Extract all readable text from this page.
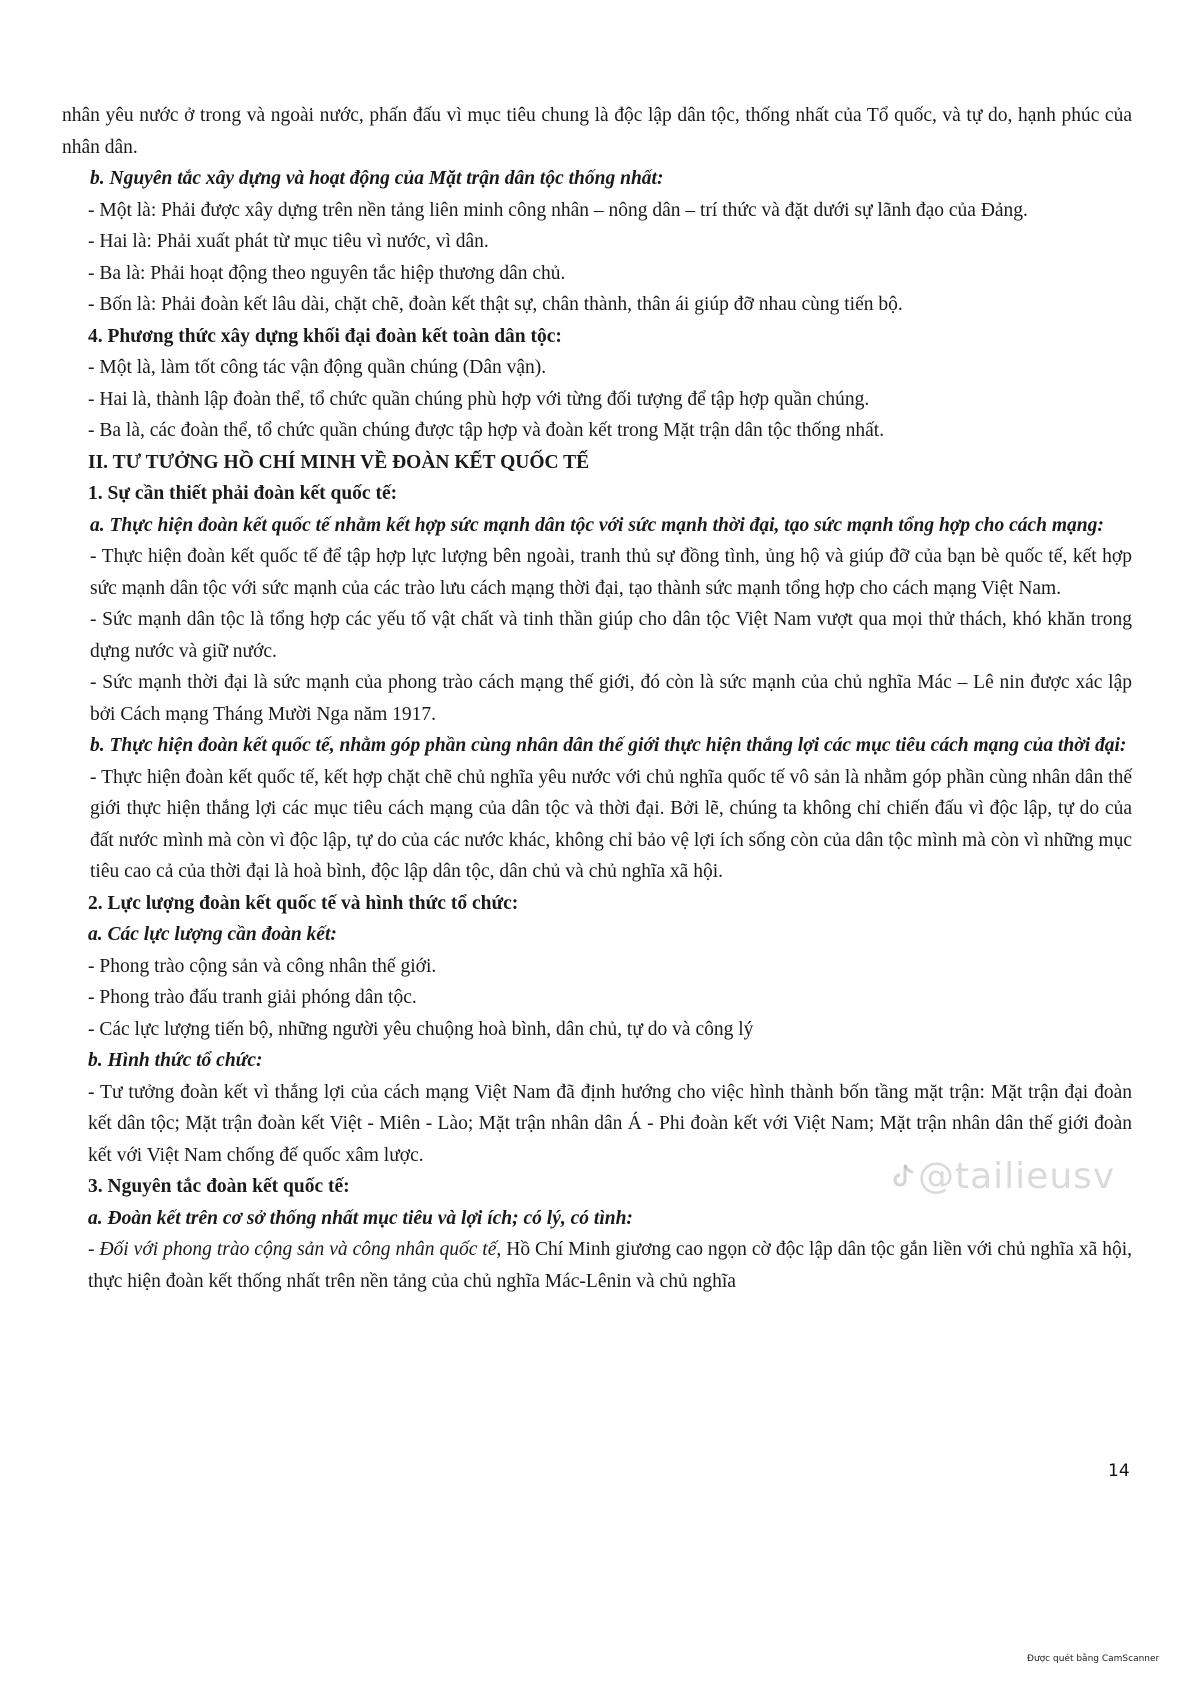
nhân yêu nước ở trong và ngoài nước, phấn đấu vì mục tiêu chung là độc lập dân tộc, thống nhất của Tổ quốc, và tự do, hạnh phúc của nhân dân.

b. Nguyên tắc xây dựng và hoạt động của Mặt trận dân tộc thống nhất:

- Một là: Phải được xây dựng trên nền tảng liên minh công nhân – nông dân – trí thức và đặt dưới sự lãnh đạo của Đảng.

- Hai là: Phải xuất phát từ mục tiêu vì nước, vì dân.

- Ba là: Phải hoạt động theo nguyên tắc hiệp thương dân chủ.

- Bốn là: Phải đoàn kết lâu dài, chặt chẽ, đoàn kết thật sự, chân thành, thân ái giúp đỡ nhau cùng tiến bộ.

4. Phương thức xây dựng khối đại đoàn kết toàn dân tộc:

- Một là, làm tốt công tác vận động quần chúng (Dân vận).

- Hai là, thành lập đoàn thể, tổ chức quần chúng phù hợp với từng đối tượng để tập hợp quần chúng.

- Ba là, các đoàn thể, tổ chức quần chúng được tập hợp và đoàn kết trong Mặt trận dân tộc thống nhất.

II. TƯ TƯỞNG HỒ CHÍ MINH VỀ ĐOÀN KẾT QUỐC TẾ

1. Sự cần thiết phải đoàn kết quốc tế:

a. Thực hiện đoàn kết quốc tế nhằm kết hợp sức mạnh dân tộc với sức mạnh thời đại, tạo sức mạnh tổng hợp cho cách mạng:

- Thực hiện đoàn kết quốc tế để tập hợp lực lượng bên ngoài, tranh thủ sự đồng tình, ủng hộ và giúp đỡ của bạn bè quốc tế, kết hợp sức mạnh dân tộc với sức mạnh của các trào lưu cách mạng thời đại, tạo thành sức mạnh tổng hợp cho cách mạng Việt Nam.

- Sức mạnh dân tộc là tổng hợp các yếu tố vật chất và tinh thần giúp cho dân tộc Việt Nam vượt qua mọi thử thách, khó khăn trong dựng nước và giữ nước.

- Sức mạnh thời đại là sức mạnh của phong trào cách mạng thế giới, đó còn là sức mạnh của chủ nghĩa Mác – Lê nin được xác lập bởi Cách mạng Tháng Mười Nga năm 1917.

b. Thực hiện đoàn kết quốc tế, nhằm góp phần cùng nhân dân thế giới thực hiện thắng lợi các mục tiêu cách mạng của thời đại:

- Thực hiện đoàn kết quốc tế, kết hợp chặt chẽ chủ nghĩa yêu nước với chủ nghĩa quốc tế vô sản là nhằm góp phần cùng nhân dân thế giới thực hiện thắng lợi các mục tiêu cách mạng của dân tộc và thời đại. Bởi lẽ, chúng ta không chỉ chiến đấu vì độc lập, tự do của đất nước mình mà còn vì độc lập, tự do của các nước khác, không chỉ bảo vệ lợi ích sống còn của dân tộc mình mà còn vì những mục tiêu cao cả của thời đại là hoà bình, độc lập dân tộc, dân chủ và chủ nghĩa xã hội.

2. Lực lượng đoàn kết quốc tế và hình thức tổ chức:

a. Các lực lượng cần đoàn kết:

- Phong trào cộng sản và công nhân thế giới.

- Phong trào đấu tranh giải phóng dân tộc.

- Các lực lượng tiến bộ, những người yêu chuộng hoà bình, dân chủ, tự do và công lý

b. Hình thức tổ chức:

- Tư tưởng đoàn kết vì thắng lợi của cách mạng Việt Nam đã định hướng cho việc hình thành bốn tầng mặt trận: Mặt trận đại đoàn kết dân tộc; Mặt trận đoàn kết Việt - Miên - Lào; Mặt trận nhân dân Á - Phi đoàn kết với Việt Nam; Mặt trận nhân dân thế giới đoàn kết với Việt Nam chống đế quốc xâm lược.

3. Nguyên tắc đoàn kết quốc tế:

a. Đoàn kết trên cơ sở thống nhất mục tiêu và lợi ích; có lý, có tình:

- Đối với phong trào cộng sản và công nhân quốc tế, Hồ Chí Minh giương cao ngọn cờ độc lập dân tộc gắn liền với chủ nghĩa xã hội, thực hiện đoàn kết thống nhất trên nền tảng của chủ nghĩa Mác-Lênin và chủ nghĩa

@tailieusv
14
Được quét bằng CamScanner
